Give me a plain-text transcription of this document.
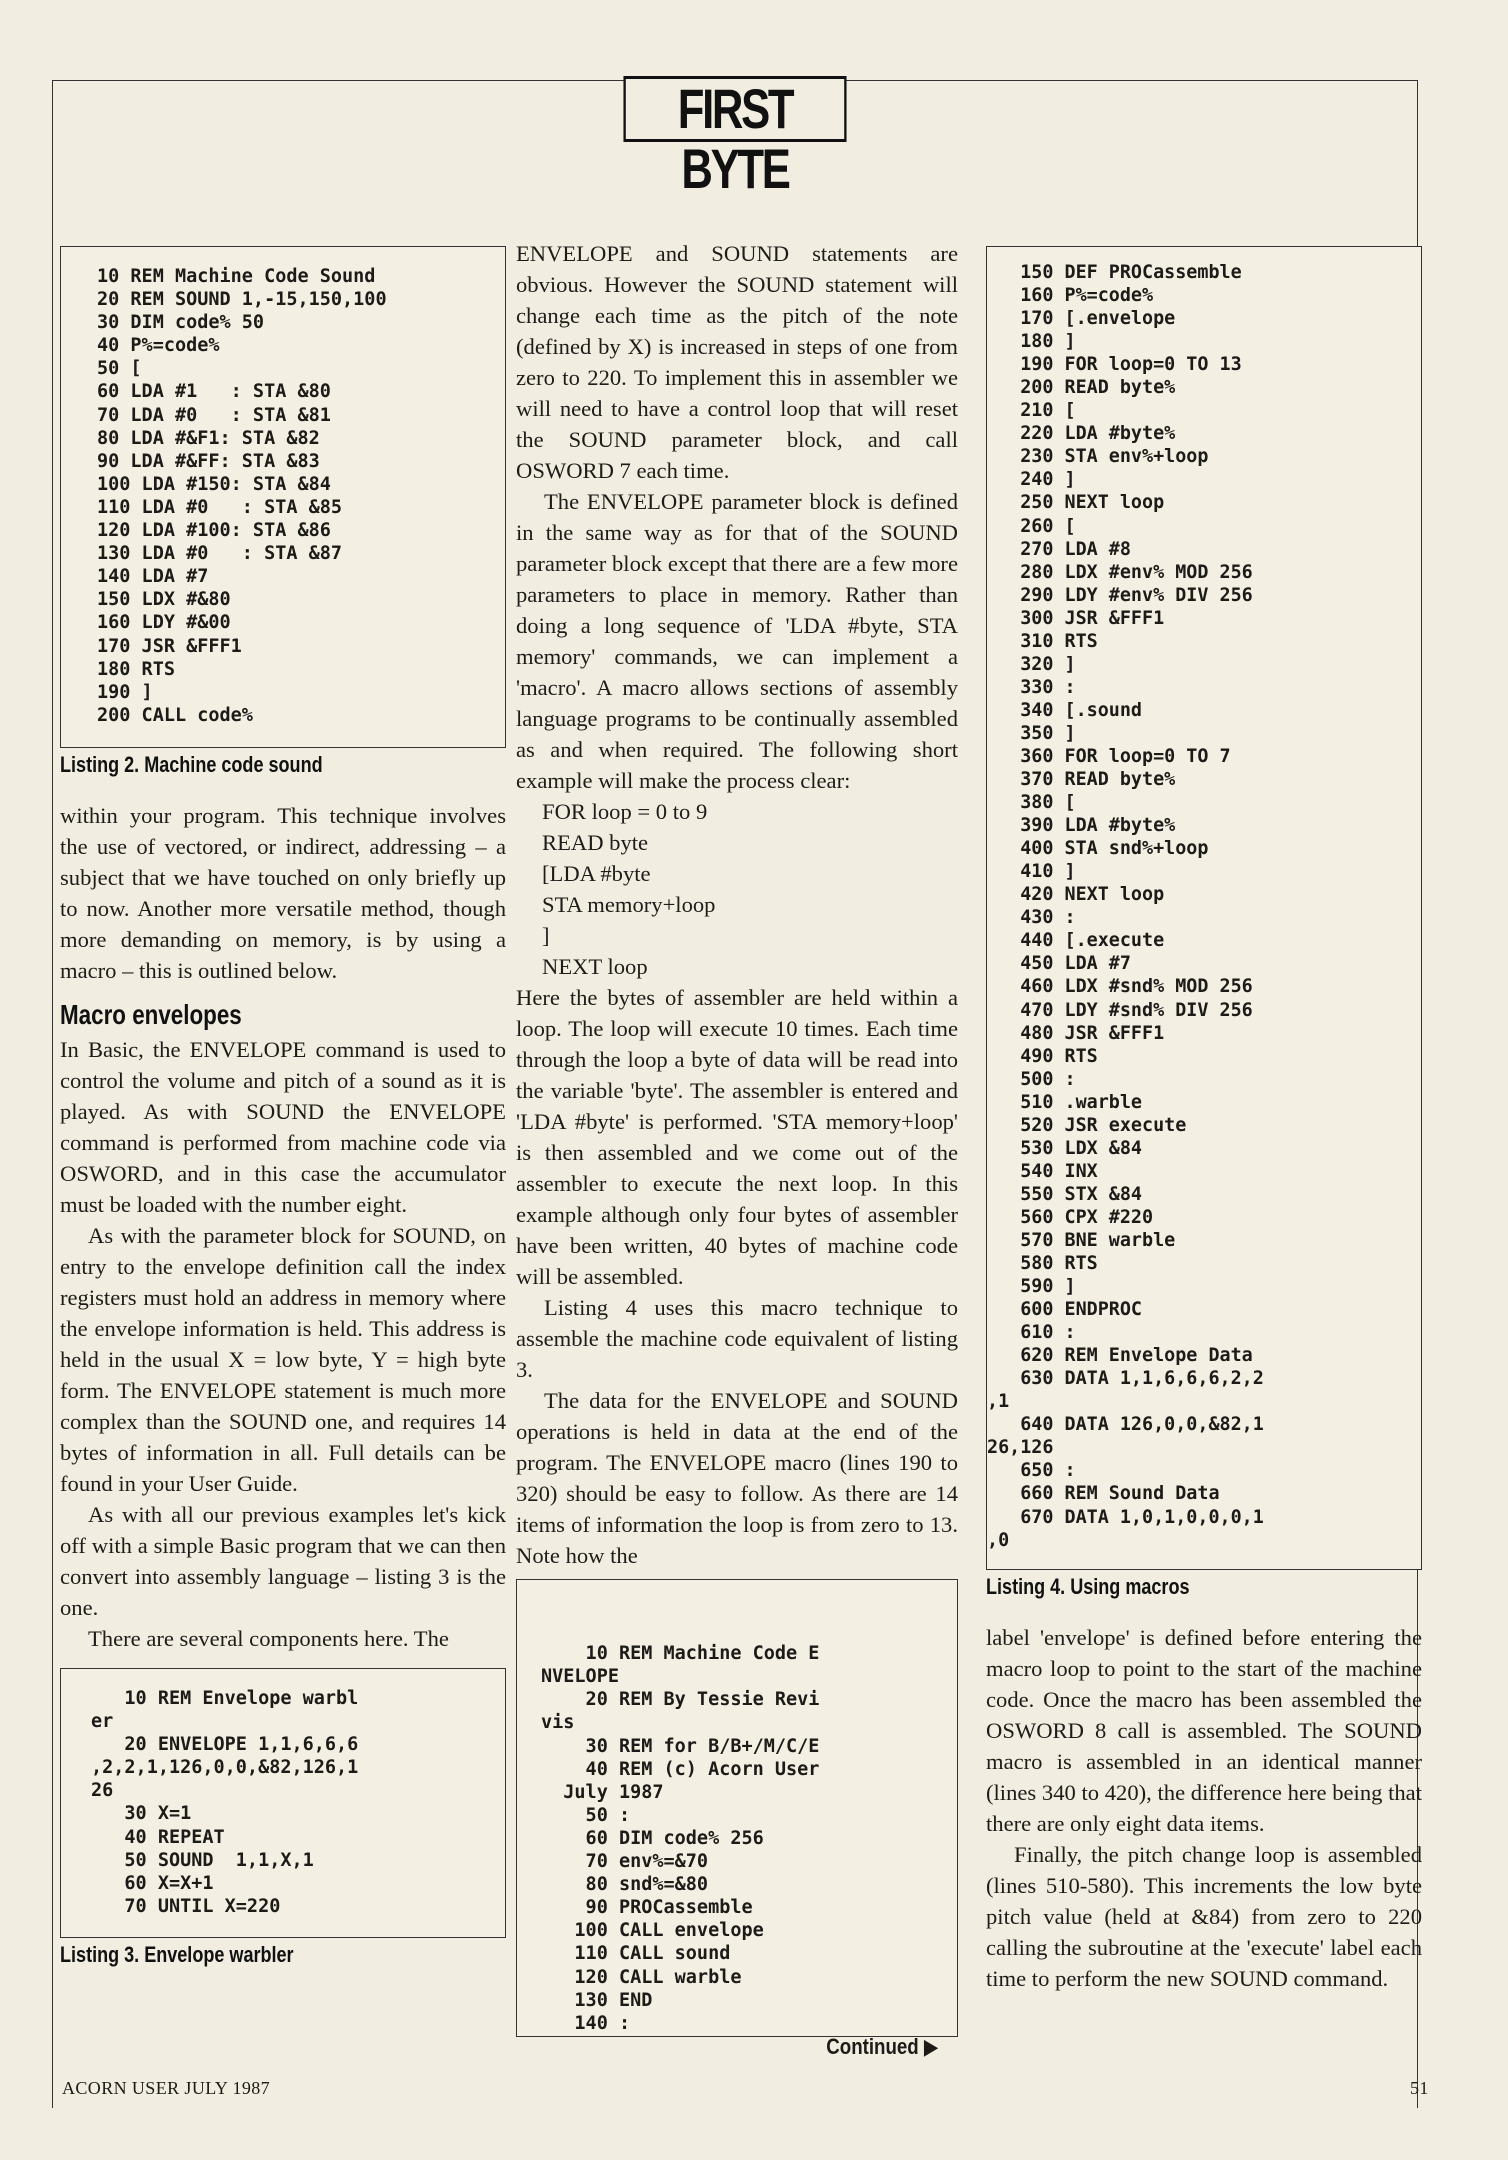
FIRST BYTE
10 REM Machine Code Sound
20 REM SOUND 1,-15,150,100
30 DIM code% 50
40 P%=code%
50 [
60 LDA #1   : STA &80
70 LDA #0   : STA &81
80 LDA #&F1: STA &82
90 LDA #&FF: STA &83
100 LDA #150: STA &84
110 LDA #0   : STA &85
120 LDA #100: STA &86
130 LDA #0   : STA &87
140 LDA #7
150 LDX #&80
160 LDY #&00
170 JSR &FFF1
180 RTS
190 ]
200 CALL code%
Listing 2. Machine code sound

within your program. This technique involves the use of vectored, or indirect, addressing – a subject that we have touched on only briefly up to now. Another more versatile method, though more demanding on memory, is by using a macro – this is outlined below.

Macro envelopes

In Basic, the ENVELOPE command is used to control the volume and pitch of a sound as it is played. As with SOUND the ENVELOPE command is performed from machine code via OSWORD, and in this case the accumulator must be loaded with the number eight.

As with the parameter block for SOUND, on entry to the envelope definition call the index registers must hold an address in memory where the envelope information is held. This address is held in the usual X = low byte, Y = high byte form. The ENVELOPE statement is much more complex than the SOUND one, and requires 14 bytes of information in all. Full details can be found in your User Guide.

As with all our previous examples let's kick off with a simple Basic program that we can then convert into assembly language – listing 3 is the one.

There are several components here. The

10 REM Envelope warbl
er
20 ENVELOPE 1,1,6,6,6
,2,2,1,126,0,0,&82,126,1
26
30 X=1
40 REPEAT
50 SOUND  1,1,X,1
60 X=X+1
70 UNTIL X=220
Listing 3. Envelope warbler

ENVELOPE and SOUND statements are obvious. However the SOUND statement will change each time as the pitch of the note (defined by X) is increased in steps of one from zero to 220. To implement this in assembler we will need to have a control loop that will reset the SOUND parameter block, and call OSWORD 7 each time.

The ENVELOPE parameter block is defined in the same way as for that of the SOUND parameter block except that there are a few more parameters to place in memory. Rather than doing a long sequence of 'LDA #byte, STA memory' commands, we can implement a 'macro'. A macro allows sections of assembly language programs to be continually assembled as and when required. The following short example will make the process clear:

FOR loop = 0 to 9

READ byte

[LDA #byte

STA memory+loop

]

NEXT loop

Here the bytes of assembler are held within a loop. The loop will execute 10 times. Each time through the loop a byte of data will be read into the variable 'byte'. The assembler is entered and 'LDA #byte' is performed. 'STA memory+loop' is then assembled and we come out of the assembler to execute the next loop. In this example although only four bytes of assembler have been written, 40 bytes of machine code will be assembled.

Listing 4 uses this macro technique to assemble the machine code equivalent of listing 3.

The data for the ENVELOPE and SOUND operations is held in data at the end of the program. The ENVELOPE macro (lines 190 to 320) should be easy to follow. As there are 14 items of information the loop is from zero to 13. Note how the

10 REM Machine Code E
NVELOPE
20 REM By Tessie Revi
vis
30 REM for B/B+/M/C/E
40 REM (c) Acorn User
July 1987
50 :
60 DIM code% 256
70 env%=&70
80 snd%=&80
90 PROCassemble
100 CALL envelope
110 CALL sound
120 CALL warble
130 END
140 :
Continued ▶
150 DEF PROCassemble
160 P%=code%
170 [.envelope
180 ]
190 FOR loop=0 TO 13
200 READ byte%
210 [
220 LDA #byte%
230 STA env%+loop
240 ]
250 NEXT loop
260 [
270 LDA #8
280 LDX #env% MOD 256
290 LDY #env% DIV 256
300 JSR &FFF1
310 RTS
320 ]
330 :
340 [.sound
350 ]
360 FOR loop=0 TO 7
370 READ byte%
380 [
390 LDA #byte%
400 STA snd%+loop
410 ]
420 NEXT loop
430 :
440 [.execute
450 LDA #7
460 LDX #snd% MOD 256
470 LDY #snd% DIV 256
480 JSR &FFF1
490 RTS
500 :
510 .warble
520 JSR execute
530 LDX &84
540 INX
550 STX &84
560 CPX #220
570 BNE warble
580 RTS
590 ]
600 ENDPROC
610 :
620 REM Envelope Data
630 DATA 1,1,6,6,6,2,2
,1
640 DATA 126,0,0,&82,1
26,126
650 :
660 REM Sound Data
670 DATA 1,0,1,0,0,0,1
,0
Listing 4. Using macros

label 'envelope' is defined before entering the macro loop to point to the start of the machine code. Once the macro has been assembled the OSWORD 8 call is assembled. The SOUND macro is assembled in an identical manner (lines 340 to 420), the difference here being that there are only eight data items.

Finally, the pitch change loop is assembled (lines 510-580). This increments the low byte pitch value (held at &84) from zero to 220 calling the subroutine at the 'execute' label each time to perform the new SOUND command.

ACORN USER JULY 1987	51
